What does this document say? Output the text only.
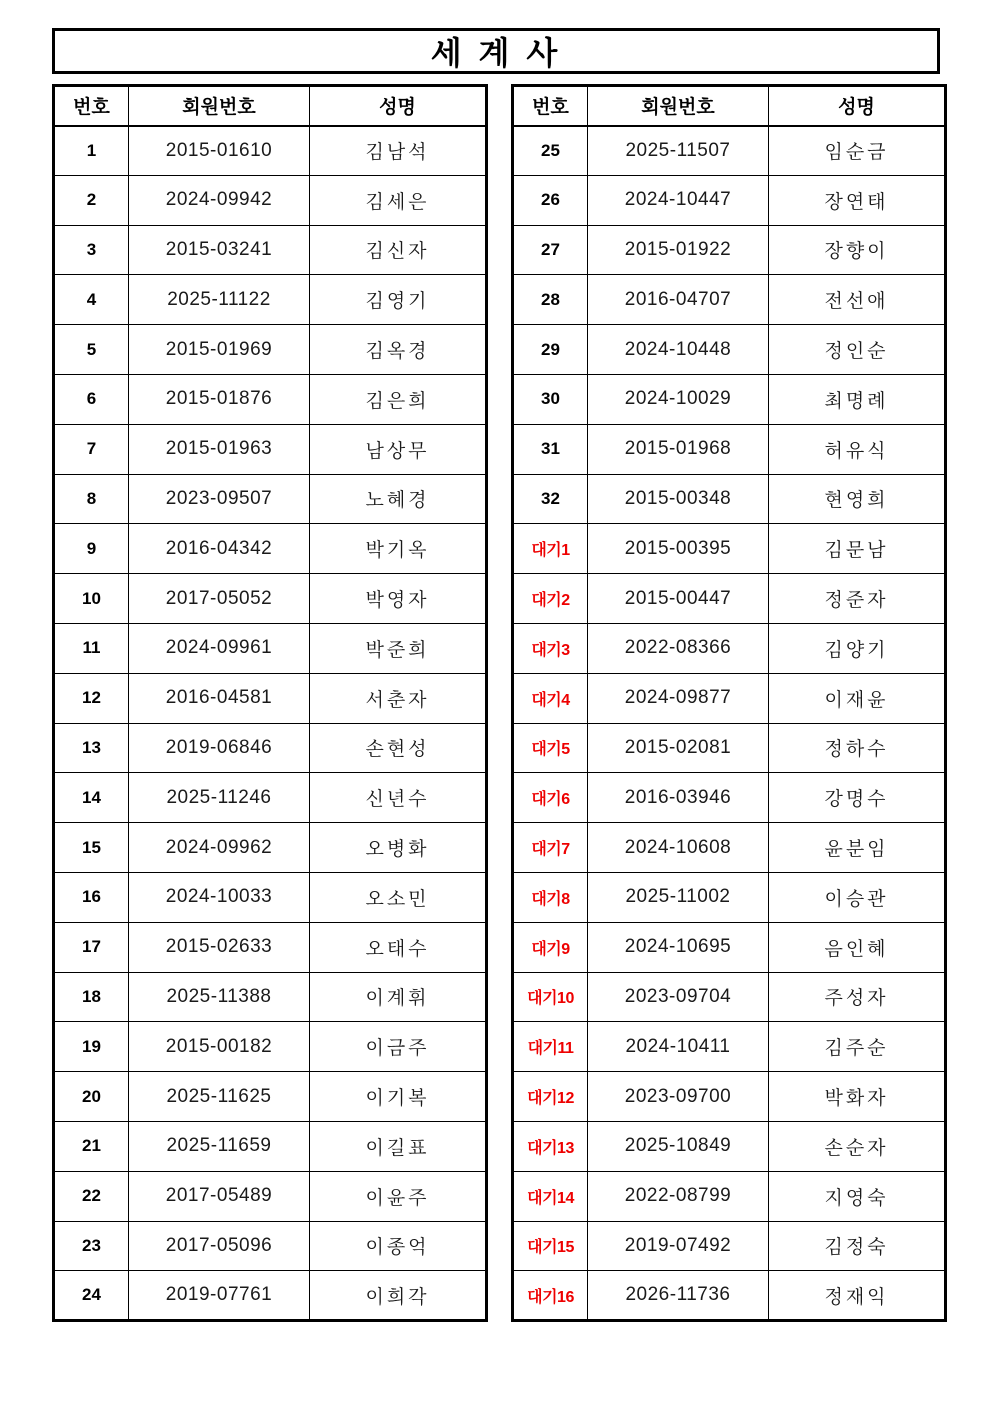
세 계 사
번호	회원번호	성명
1	2015-01610	김남석
2	2024-09942	김세은
3	2015-03241	김신자
4	2025-11122	김영기
5	2015-01969	김옥경
6	2015-01876	김은희
7	2015-01963	남상무
8	2023-09507	노혜경
9	2016-04342	박기옥
10	2017-05052	박영자
11	2024-09961	박준희
12	2016-04581	서춘자
13	2019-06846	손현성
14	2025-11246	신년수
15	2024-09962	오병화
16	2024-10033	오소민
17	2015-02633	오태수
18	2025-11388	이계휘
19	2015-00182	이금주
20	2025-11625	이기복
21	2025-11659	이길표
22	2017-05489	이윤주
23	2017-05096	이종억
24	2019-07761	이희각
번호	회원번호	성명
25	2025-11507	임순금
26	2024-10447	장연태
27	2015-01922	장향이
28	2016-04707	전선애
29	2024-10448	정인순
30	2024-10029	최명례
31	2015-01968	허유식
32	2015-00348	현영희
대기1	2015-00395	김문남
대기2	2015-00447	정준자
대기3	2022-08366	김양기
대기4	2024-09877	이재윤
대기5	2015-02081	정하수
대기6	2016-03946	강명수
대기7	2024-10608	윤분임
대기8	2025-11002	이승관
대기9	2024-10695	음인혜
대기10	2023-09704	주성자
대기11	2024-10411	김주순
대기12	2023-09700	박화자
대기13	2025-10849	손순자
대기14	2022-08799	지영숙
대기15	2019-07492	김정숙
대기16	2026-11736	정재익
